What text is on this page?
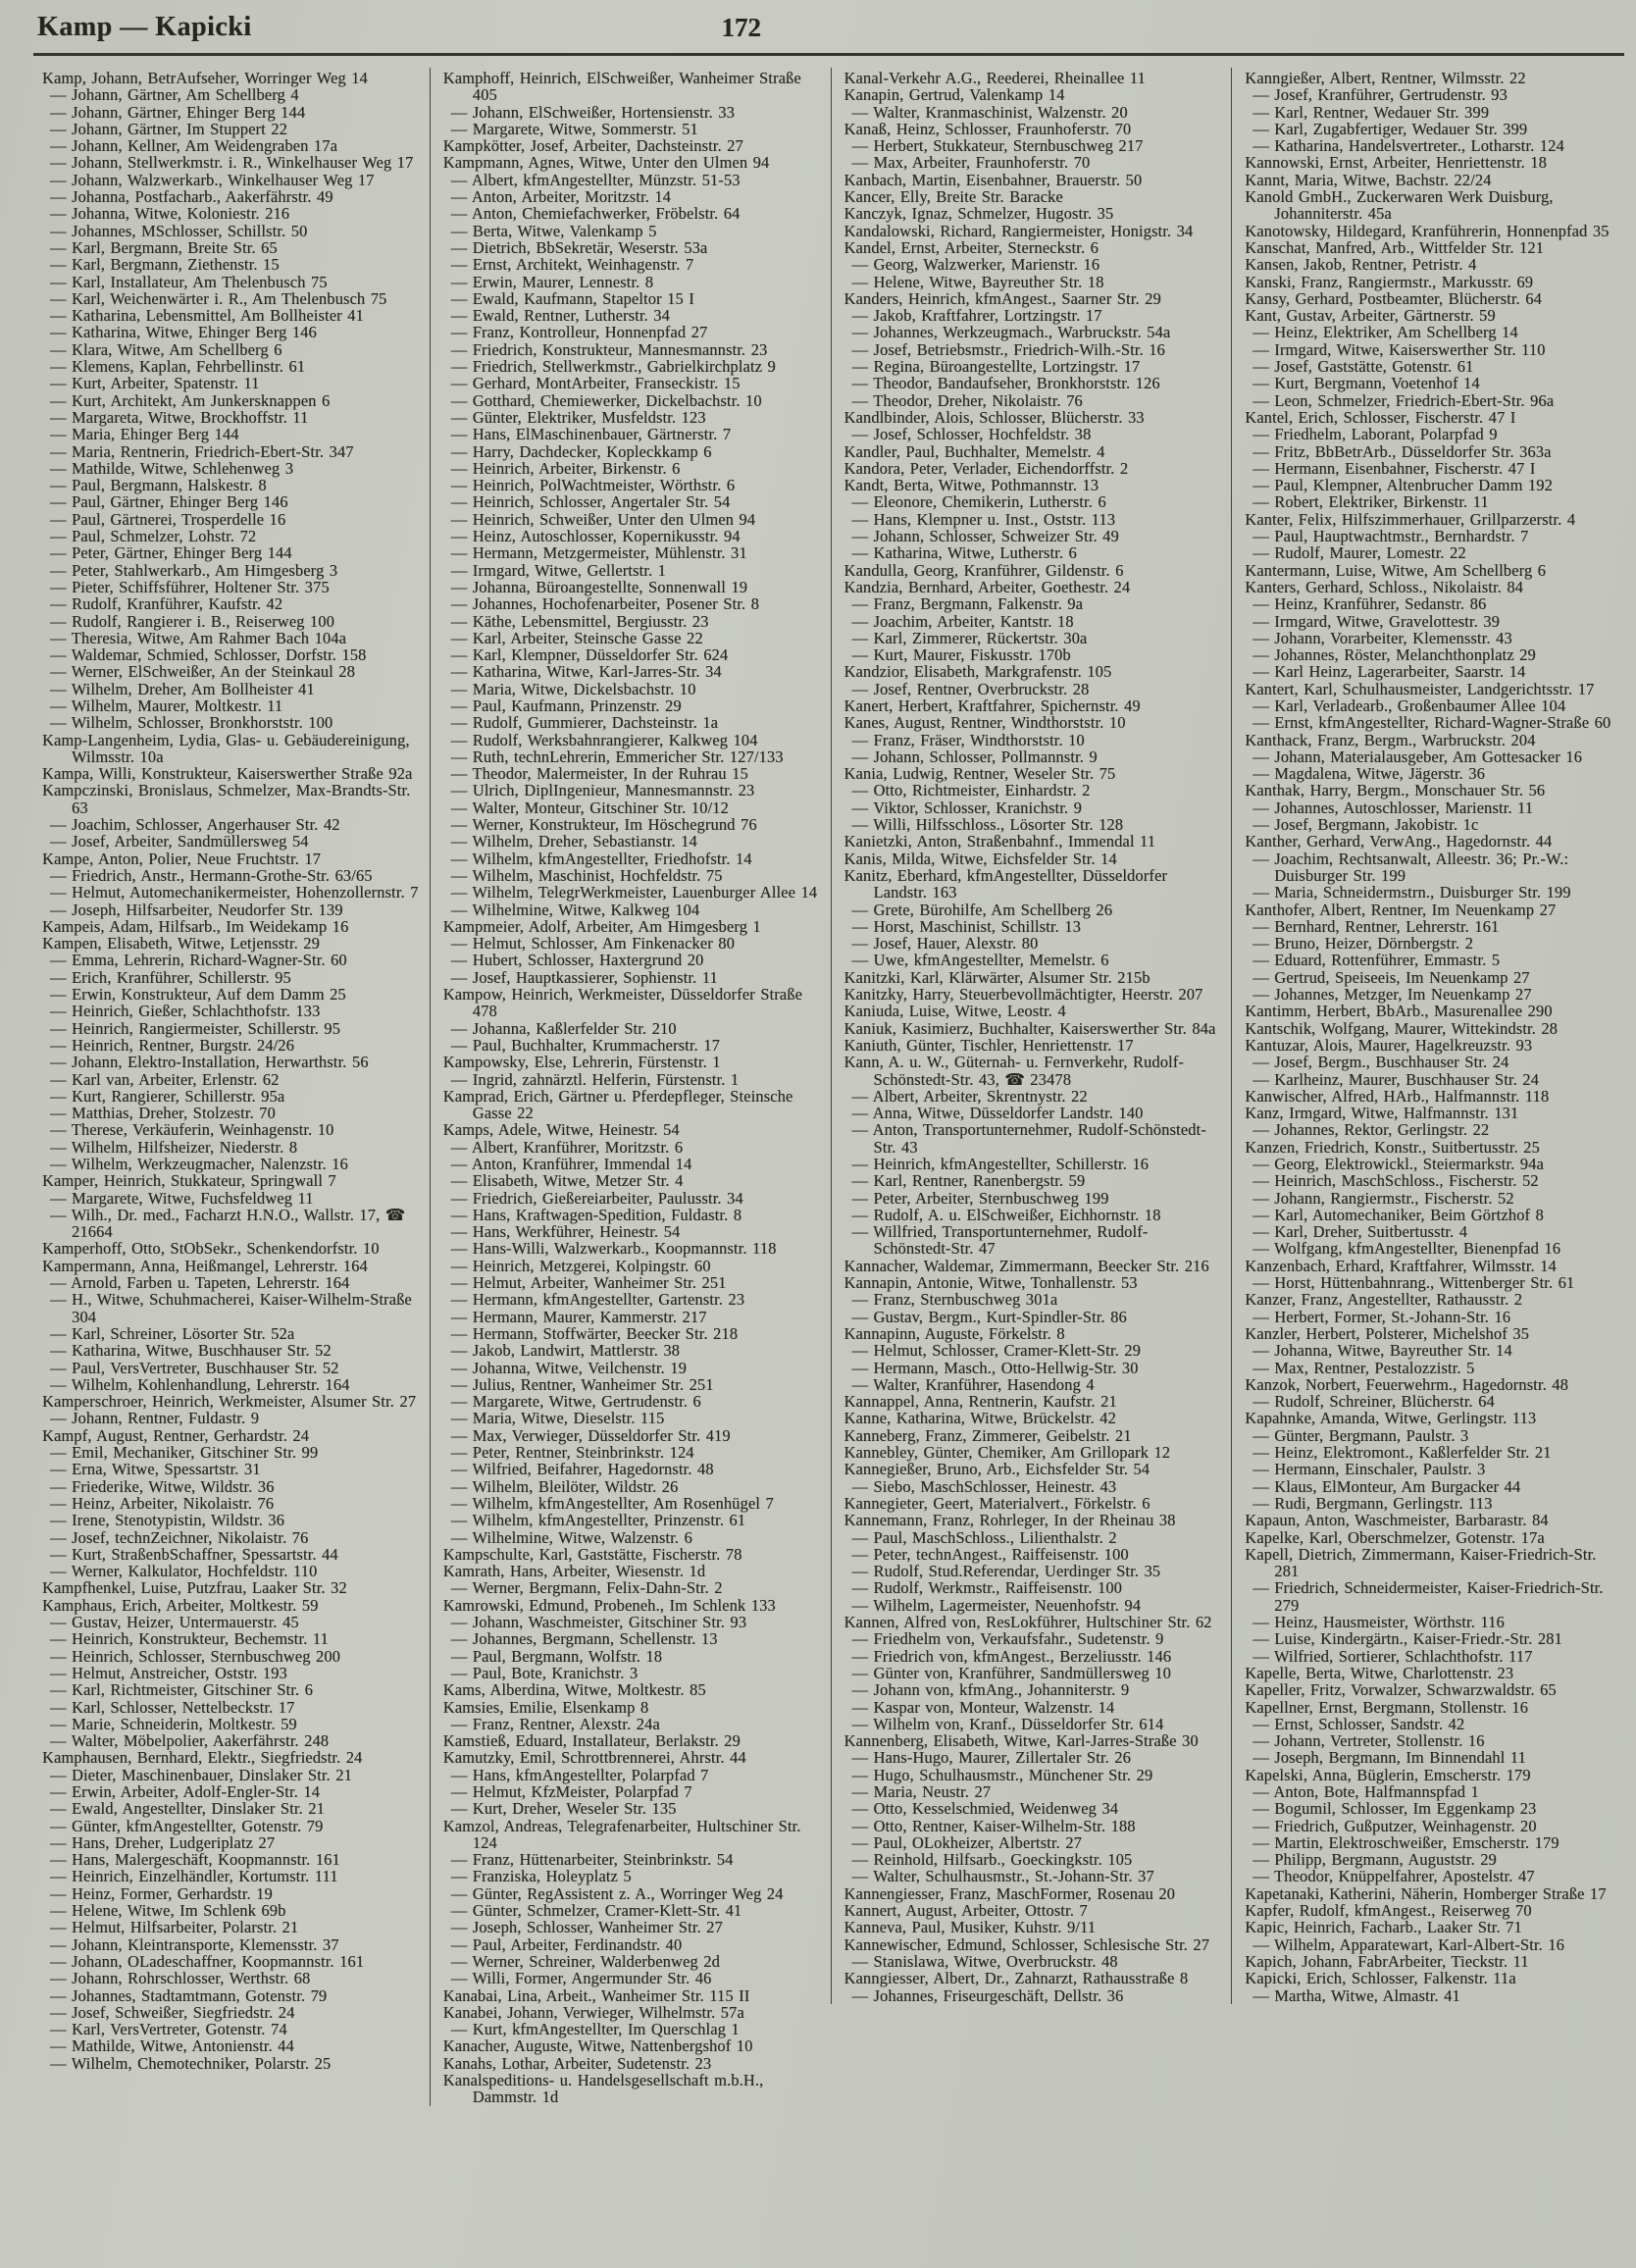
Kamp — Kapicki	172

Kamp, Johann, BetrAufseher, Worringer Weg 14

— Johann, Gärtner, Am Schellberg 4

— Johann, Gärtner, Ehinger Berg 144

— Johann, Gärtner, Im Stuppert 22

— Johann, Kellner, Am Weidengraben 17a

— Johann, Stellwerkmstr. i. R., Winkelhauser Weg 17

— Johann, Walzwerkarb., Winkelhauser Weg 17

— Johanna, Postfacharb., Aakerfährstr. 49

— Johanna, Witwe, Koloniestr. 216

— Johannes, MSchlosser, Schillstr. 50

— Karl, Bergmann, Breite Str. 65

— Karl, Bergmann, Ziethenstr. 15

— Karl, Installateur, Am Thelenbusch 75

— Karl, Weichenwärter i. R., Am Thelenbusch 75

— Katharina, Lebensmittel, Am Bollheister 41

— Katharina, Witwe, Ehinger Berg 146

— Klara, Witwe, Am Schellberg 6

— Klemens, Kaplan, Fehrbellinstr. 61

— Kurt, Arbeiter, Spatenstr. 11

— Kurt, Architekt, Am Junkersknappen 6

— Margareta, Witwe, Brockhoffstr. 11

— Maria, Ehinger Berg 144

— Maria, Rentnerin, Friedrich-Ebert-Str. 347

— Mathilde, Witwe, Schlehenweg 3

— Paul, Bergmann, Halskestr. 8

— Paul, Gärtner, Ehinger Berg 146

— Paul, Gärtnerei, Trosperdelle 16

— Paul, Schmelzer, Lohstr. 72

— Peter, Gärtner, Ehinger Berg 144

— Peter, Stahlwerkarb., Am Himgesberg 3

— Pieter, Schiffsführer, Holtener Str. 375

— Rudolf, Kranführer, Kaufstr. 42

— Rudolf, Rangierer i. B., Reiserweg 100

— Theresia, Witwe, Am Rahmer Bach 104a

— Waldemar, Schmied, Schlosser, Dorfstr. 158

— Werner, ElSchweißer, An der Steinkaul 28

— Wilhelm, Dreher, Am Bollheister 41

— Wilhelm, Maurer, Moltkestr. 11

— Wilhelm, Schlosser, Bronkhorststr. 100

Kamp-Langenheim, Lydia, Glas- u. Gebäudereinigung, Wilmsstr. 10a

Kampa, Willi, Konstrukteur, Kaiserswerther Straße 92a

Kampczinski, Bronislaus, Schmelzer, Max-Brandts-Str. 63

— Joachim, Schlosser, Angerhauser Str. 42

— Josef, Arbeiter, Sandmüllersweg 54

Kampe, Anton, Polier, Neue Fruchtstr. 17

— Friedrich, Anstr., Hermann-Grothe-Str. 63/65

— Helmut, Automechanikermeister, Hohenzollernstr. 7

— Joseph, Hilfsarbeiter, Neudorfer Str. 139

Kampeis, Adam, Hilfsarb., Im Weidekamp 16

Kampen, Elisabeth, Witwe, Letjensstr. 29

— Emma, Lehrerin, Richard-Wagner-Str. 60

— Erich, Kranführer, Schillerstr. 95

— Erwin, Konstrukteur, Auf dem Damm 25

— Heinrich, Gießer, Schlachthofstr. 133

— Heinrich, Rangiermeister, Schillerstr. 95

— Heinrich, Rentner, Burgstr. 24/26

— Johann, Elektro-Installation, Herwarthstr. 56

— Karl van, Arbeiter, Erlenstr. 62

— Kurt, Rangierer, Schillerstr. 95a

— Matthias, Dreher, Stolzestr. 70

— Therese, Verkäuferin, Weinhagenstr. 10

— Wilhelm, Hilfsheizer, Niederstr. 8

— Wilhelm, Werkzeugmacher, Nalenzstr. 16

Kamper, Heinrich, Stukkateur, Springwall 7

— Margarete, Witwe, Fuchsfeldweg 11

— Wilh., Dr. med., Facharzt H.N.O., Wallstr. 17, ☎ 21664

Kamperhoff, Otto, StObSekr., Schenkendorfstr. 10

Kampermann, Anna, Heißmangel, Lehrerstr. 164

— Arnold, Farben u. Tapeten, Lehrerstr. 164

— H., Witwe, Schuhmacherei, Kaiser-Wilhelm-Straße 304

— Karl, Schreiner, Lösorter Str. 52a

— Katharina, Witwe, Buschhauser Str. 52

— Paul, VersVertreter, Buschhauser Str. 52

— Wilhelm, Kohlenhandlung, Lehrerstr. 164

Kamperschroer, Heinrich, Werkmeister, Alsumer Str. 27

— Johann, Rentner, Fuldastr. 9

Kampf, August, Rentner, Gerhardstr. 24

— Emil, Mechaniker, Gitschiner Str. 99

— Erna, Witwe, Spessartstr. 31

— Friederike, Witwe, Wildstr. 36

— Heinz, Arbeiter, Nikolaistr. 76

— Irene, Stenotypistin, Wildstr. 36

— Josef, technZeichner, Nikolaistr. 76

— Kurt, StraßenbSchaffner, Spessartstr. 44

— Werner, Kalkulator, Hochfeldstr. 110

Kampfhenkel, Luise, Putzfrau, Laaker Str. 32

Kamphaus, Erich, Arbeiter, Moltkestr. 59

— Gustav, Heizer, Untermauerstr. 45

— Heinrich, Konstrukteur, Bechemstr. 11

— Heinrich, Schlosser, Sternbuschweg 200

— Helmut, Anstreicher, Oststr. 193

— Karl, Richtmeister, Gitschiner Str. 6

— Karl, Schlosser, Nettelbeckstr. 17

— Marie, Schneiderin, Moltkestr. 59

— Walter, Möbelpolier, Aakerfährstr. 248

Kamphausen, Bernhard, Elektr., Siegfriedstr. 24

— Dieter, Maschinenbauer, Dinslaker Str. 21

— Erwin, Arbeiter, Adolf-Engler-Str. 14

— Ewald, Angestellter, Dinslaker Str. 21

— Günter, kfmAngestellter, Gotenstr. 79

— Hans, Dreher, Ludgeriplatz 27

— Hans, Malergeschäft, Koopmannstr. 161

— Heinrich, Einzelhändler, Kortumstr. 111

— Heinz, Former, Gerhardstr. 19

— Helene, Witwe, Im Schlenk 69b

— Helmut, Hilfsarbeiter, Polarstr. 21

— Johann, Kleintransporte, Klemensstr. 37

— Johann, OLadeschaffner, Koopmannstr. 161

— Johann, Rohrschlosser, Werthstr. 68

— Johannes, Stadtamtmann, Gotenstr. 79

— Josef, Schweißer, Siegfriedstr. 24

— Karl, VersVertreter, Gotenstr. 74

— Mathilde, Witwe, Antonienstr. 44

— Wilhelm, Chemotechniker, Polarstr. 25

Kamphoff, Heinrich, ElSchweißer, Wanheimer Straße 405

— Johann, ElSchweißer, Hortensienstr. 33

— Margarete, Witwe, Sommerstr. 51

Kampkötter, Josef, Arbeiter, Dachsteinstr. 27

Kampmann, Agnes, Witwe, Unter den Ulmen 94

— Albert, kfmAngestellter, Münzstr. 51-53

— Anton, Arbeiter, Moritzstr. 14

— Anton, Chemiefachwerker, Fröbelstr. 64

— Berta, Witwe, Valenkamp 5

— Dietrich, BbSekretär, Weserstr. 53a

— Ernst, Architekt, Weinhagenstr. 7

— Erwin, Maurer, Lennestr. 8

— Ewald, Kaufmann, Stapeltor 15 I

— Ewald, Rentner, Lutherstr. 34

— Franz, Kontrolleur, Honnenpfad 27

— Friedrich, Konstrukteur, Mannesmannstr. 23

— Friedrich, Stellwerkmstr., Gabrielkirchplatz 9

— Gerhard, MontArbeiter, Franseckistr. 15

— Gotthard, Chemiewerker, Dickelbachstr. 10

— Günter, Elektriker, Musfeldstr. 123

— Hans, ElMaschinenbauer, Gärtnerstr. 7

— Harry, Dachdecker, Kopleckkamp 6

— Heinrich, Arbeiter, Birkenstr. 6

— Heinrich, PolWachtmeister, Wörthstr. 6

— Heinrich, Schlosser, Angertaler Str. 54

— Heinrich, Schweißer, Unter den Ulmen 94

— Heinz, Autoschlosser, Kopernikusstr. 94

— Hermann, Metzgermeister, Mühlenstr. 31

— Irmgard, Witwe, Gellertstr. 1

— Johanna, Büroangestellte, Sonnenwall 19

— Johannes, Hochofenarbeiter, Posener Str. 8

— Käthe, Lebensmittel, Bergiusstr. 23

— Karl, Arbeiter, Steinsche Gasse 22

— Karl, Klempner, Düsseldorfer Str. 624

— Katharina, Witwe, Karl-Jarres-Str. 34

— Maria, Witwe, Dickelsbachstr. 10

— Paul, Kaufmann, Prinzenstr. 29

— Rudolf, Gummierer, Dachsteinstr. 1a

— Rudolf, Werksbahnrangierer, Kalkweg 104

— Ruth, technLehrerin, Emmericher Str. 127/133

— Theodor, Malermeister, In der Ruhrau 15

— Ulrich, DiplIngenieur, Mannesmannstr. 23

— Walter, Monteur, Gitschiner Str. 10/12

— Werner, Konstrukteur, Im Höschegrund 76

— Wilhelm, Dreher, Sebastianstr. 14

— Wilhelm, kfmAngestellter, Friedhofstr. 14

— Wilhelm, Maschinist, Hochfeldstr. 75

— Wilhelm, TelegrWerkmeister, Lauenburger Allee 14

— Wilhelmine, Witwe, Kalkweg 104

Kampmeier, Adolf, Arbeiter, Am Himgesberg 1

— Helmut, Schlosser, Am Finkenacker 80

— Hubert, Schlosser, Haxtergrund 20

— Josef, Hauptkassierer, Sophienstr. 11

Kampow, Heinrich, Werkmeister, Düsseldorfer Straße 478

— Johanna, Kaßlerfelder Str. 210

— Paul, Buchhalter, Krummacherstr. 17

Kampowsky, Else, Lehrerin, Fürstenstr. 1

— Ingrid, zahnärztl. Helferin, Fürstenstr. 1

Kamprad, Erich, Gärtner u. Pferdepfleger, Steinsche Gasse 22

Kamps, Adele, Witwe, Heinestr. 54

— Albert, Kranführer, Moritzstr. 6

— Anton, Kranführer, Immendal 14

— Elisabeth, Witwe, Metzer Str. 4

— Friedrich, Gießereiarbeiter, Paulusstr. 34

— Hans, Kraftwagen-Spedition, Fuldastr. 8

— Hans, Werkführer, Heinestr. 54

— Hans-Willi, Walzwerkarb., Koopmannstr. 118

— Heinrich, Metzgerei, Kolpingstr. 60

— Helmut, Arbeiter, Wanheimer Str. 251

— Hermann, kfmAngestellter, Gartenstr. 23

— Hermann, Maurer, Kammerstr. 217

— Hermann, Stoffwärter, Beecker Str. 218

— Jakob, Landwirt, Mattlerstr. 38

— Johanna, Witwe, Veilchenstr. 19

— Julius, Rentner, Wanheimer Str. 251

— Margarete, Witwe, Gertrudenstr. 6

— Maria, Witwe, Dieselstr. 115

— Max, Verwieger, Düsseldorfer Str. 419

— Peter, Rentner, Steinbrinkstr. 124

— Wilfried, Beifahrer, Hagedornstr. 48

— Wilhelm, Bleilöter, Wildstr. 26

— Wilhelm, kfmAngestellter, Am Rosenhügel 7

— Wilhelm, kfmAngestellter, Prinzenstr. 61

— Wilhelmine, Witwe, Walzenstr. 6

Kampschulte, Karl, Gaststätte, Fischerstr. 78

Kamrath, Hans, Arbeiter, Wiesenstr. 1d

— Werner, Bergmann, Felix-Dahn-Str. 2

Kamrowski, Edmund, Probeneh., Im Schlenk 133

— Johann, Waschmeister, Gitschiner Str. 93

— Johannes, Bergmann, Schellenstr. 13

— Paul, Bergmann, Wolfstr. 18

— Paul, Bote, Kranichstr. 3

Kams, Alberdina, Witwe, Moltkestr. 85

Kamsies, Emilie, Elsenkamp 8

— Franz, Rentner, Alexstr. 24a

Kamstieß, Eduard, Installateur, Berlakstr. 29

Kamutzky, Emil, Schrottbrennerei, Ahrstr. 44

— Hans, kfmAngestellter, Polarpfad 7

— Helmut, KfzMeister, Polarpfad 7

— Kurt, Dreher, Weseler Str. 135

Kamzol, Andreas, Telegrafenarbeiter, Hultschiner Str. 124

— Franz, Hüttenarbeiter, Steinbrinkstr. 54

— Franziska, Holeyplatz 5

— Günter, RegAssistent z. A., Worringer Weg 24

— Günter, Schmelzer, Cramer-Klett-Str. 41

— Joseph, Schlosser, Wanheimer Str. 27

— Paul, Arbeiter, Ferdinandstr. 40

— Werner, Schreiner, Walderbenweg 2d

— Willi, Former, Angermunder Str. 46

Kanabai, Lina, Arbeit., Wanheimer Str. 115 II

Kanabei, Johann, Verwieger, Wilhelmstr. 57a

— Kurt, kfmAngestellter, Im Querschlag 1

Kanacher, Auguste, Witwe, Nattenbergshof 10

Kanahs, Lothar, Arbeiter, Sudetenstr. 23

Kanalspeditions- u. Handelsgesellschaft m.b.H., Dammstr. 1d

Kanal-Verkehr A.G., Reederei, Rheinallee 11

Kanapin, Gertrud, Valenkamp 14

— Walter, Kranmaschinist, Walzenstr. 20

Kanaß, Heinz, Schlosser, Fraunhoferstr. 70

— Herbert, Stukkateur, Sternbuschweg 217

— Max, Arbeiter, Fraunhoferstr. 70

Kanbach, Martin, Eisenbahner, Brauerstr. 50

Kancer, Elly, Breite Str. Baracke

Kanczyk, Ignaz, Schmelzer, Hugostr. 35

Kandalowski, Richard, Rangiermeister, Honigstr. 34

Kandel, Ernst, Arbeiter, Sterneckstr. 6

— Georg, Walzwerker, Marienstr. 16

— Helene, Witwe, Bayreuther Str. 18

Kanders, Heinrich, kfmAngest., Saarner Str. 29

— Jakob, Kraftfahrer, Lortzingstr. 17

— Johannes, Werkzeugmach., Warbruckstr. 54a

— Josef, Betriebsmstr., Friedrich-Wilh.-Str. 16

— Regina, Büroangestellte, Lortzingstr. 17

— Theodor, Bandaufseher, Bronkhorststr. 126

— Theodor, Dreher, Nikolaistr. 76

Kandlbinder, Alois, Schlosser, Blücherstr. 33

— Josef, Schlosser, Hochfeldstr. 38

Kandler, Paul, Buchhalter, Memelstr. 4

Kandora, Peter, Verlader, Eichendorffstr. 2

Kandt, Berta, Witwe, Pothmannstr. 13

— Eleonore, Chemikerin, Lutherstr. 6

— Hans, Klempner u. Inst., Oststr. 113

— Johann, Schlosser, Schweizer Str. 49

— Katharina, Witwe, Lutherstr. 6

Kandulla, Georg, Kranführer, Gildenstr. 6

Kandzia, Bernhard, Arbeiter, Goethestr. 24

— Franz, Bergmann, Falkenstr. 9a

— Joachim, Arbeiter, Kantstr. 18

— Karl, Zimmerer, Rückertstr. 30a

— Kurt, Maurer, Fiskusstr. 170b

Kandzior, Elisabeth, Markgrafenstr. 105

— Josef, Rentner, Overbruckstr. 28

Kanert, Herbert, Kraftfahrer, Spichernstr. 49

Kanes, August, Rentner, Windthorststr. 10

— Franz, Fräser, Windthorststr. 10

— Johann, Schlosser, Pollmannstr. 9

Kania, Ludwig, Rentner, Weseler Str. 75

— Otto, Richtmeister, Einhardstr. 2

— Viktor, Schlosser, Kranichstr. 9

— Willi, Hilfsschloss., Lösorter Str. 128

Kanietzki, Anton, Straßenbahnf., Immendal 11

Kanis, Milda, Witwe, Eichsfelder Str. 14

Kanitz, Eberhard, kfmAngestellter, Düsseldorfer Landstr. 163

— Grete, Bürohilfe, Am Schellberg 26

— Horst, Maschinist, Schillstr. 13

— Josef, Hauer, Alexstr. 80

— Uwe, kfmAngestellter, Memelstr. 6

Kanitzki, Karl, Klärwärter, Alsumer Str. 215b

Kanitzky, Harry, Steuerbevollmächtigter, Heerstr. 207

Kaniuda, Luise, Witwe, Leostr. 4

Kaniuk, Kasimierz, Buchhalter, Kaiserswerther Str. 84a

Kaniuth, Günter, Tischler, Henriettenstr. 17

Kann, A. u. W., Güternah- u. Fernverkehr, Rudolf-Schönstedt-Str. 43, ☎ 23478

— Albert, Arbeiter, Skrentnystr. 22

— Anna, Witwe, Düsseldorfer Landstr. 140

— Anton, Transportunternehmer, Rudolf-Schönstedt-Str. 43

— Heinrich, kfmAngestellter, Schillerstr. 16

— Karl, Rentner, Ranenbergstr. 59

— Peter, Arbeiter, Sternbuschweg 199

— Rudolf, A. u. ElSchweißer, Eichhornstr. 18

— Willfried, Transportunternehmer, Rudolf-Schönstedt-Str. 47

Kannacher, Waldemar, Zimmermann, Beecker Str. 216

Kannapin, Antonie, Witwe, Tonhallenstr. 53

— Franz, Sternbuschweg 301a

— Gustav, Bergm., Kurt-Spindler-Str. 86

Kannapinn, Auguste, Förkelstr. 8

— Helmut, Schlosser, Cramer-Klett-Str. 29

— Hermann, Masch., Otto-Hellwig-Str. 30

— Walter, Kranführer, Hasendong 4

Kannappel, Anna, Rentnerin, Kaufstr. 21

Kanne, Katharina, Witwe, Brückelstr. 42

Kanneberg, Franz, Zimmerer, Geibelstr. 21

Kannebley, Günter, Chemiker, Am Grillopark 12

Kannegießer, Bruno, Arb., Eichsfelder Str. 54

— Siebo, MaschSchlosser, Heinestr. 43

Kannegieter, Geert, Materialvert., Förkelstr. 6

Kannemann, Franz, Rohrleger, In der Rheinau 38

— Paul, MaschSchloss., Lilienthalstr. 2

— Peter, technAngest., Raiffeisenstr. 100

— Rudolf, Stud.Referendar, Uerdinger Str. 35

— Rudolf, Werkmstr., Raiffeisenstr. 100

— Wilhelm, Lagermeister, Neuenhofstr. 94

Kannen, Alfred von, ResLokführer, Hultschiner Str. 62

— Friedhelm von, Verkaufsfahr., Sudetenstr. 9

— Friedrich von, kfmAngest., Berzeliusstr. 146

— Günter von, Kranführer, Sandmüllersweg 10

— Johann von, kfmAng., Johanniterstr. 9

— Kaspar von, Monteur, Walzenstr. 14

— Wilhelm von, Kranf., Düsseldorfer Str. 614

Kannenberg, Elisabeth, Witwe, Karl-Jarres-Straße 30

— Hans-Hugo, Maurer, Zillertaler Str. 26

— Hugo, Schulhausmstr., Münchener Str. 29

— Maria, Neustr. 27

— Otto, Kesselschmied, Weidenweg 34

— Otto, Rentner, Kaiser-Wilhelm-Str. 188

— Paul, OLokheizer, Albertstr. 27

— Reinhold, Hilfsarb., Goeckingkstr. 105

— Walter, Schulhausmstr., St.-Johann-Str. 37

Kannengiesser, Franz, MaschFormer, Rosenau 20

Kannert, August, Arbeiter, Ottostr. 7

Kanneva, Paul, Musiker, Kuhstr. 9/11

Kannewischer, Edmund, Schlosser, Schlesische Str. 27

— Stanislawa, Witwe, Overbruckstr. 48

Kanngiesser, Albert, Dr., Zahnarzt, Rathausstraße 8

— Johannes, Friseurgeschäft, Dellstr. 36

Kanngießer, Albert, Rentner, Wilmsstr. 22

— Josef, Kranführer, Gertrudenstr. 93

— Karl, Rentner, Wedauer Str. 399

— Karl, Zugabfertiger, Wedauer Str. 399

— Katharina, Handelsvertreter., Lotharstr. 124

Kannowski, Ernst, Arbeiter, Henriettenstr. 18

Kannt, Maria, Witwe, Bachstr. 22/24

Kanold GmbH., Zuckerwaren Werk Duisburg, Johanniterstr. 45a

Kanotowsky, Hildegard, Kranführerin, Honnenpfad 35

Kanschat, Manfred, Arb., Wittfelder Str. 121

Kansen, Jakob, Rentner, Petristr. 4

Kanski, Franz, Rangiermstr., Markusstr. 69

Kansy, Gerhard, Postbeamter, Blücherstr. 64

Kant, Gustav, Arbeiter, Gärtnerstr. 59

— Heinz, Elektriker, Am Schellberg 14

— Irmgard, Witwe, Kaiserswerther Str. 110

— Josef, Gaststätte, Gotenstr. 61

— Kurt, Bergmann, Voetenhof 14

— Leon, Schmelzer, Friedrich-Ebert-Str. 96a

Kantel, Erich, Schlosser, Fischerstr. 47 I

— Friedhelm, Laborant, Polarpfad 9

— Fritz, BbBetrArb., Düsseldorfer Str. 363a

— Hermann, Eisenbahner, Fischerstr. 47 I

— Paul, Klempner, Altenbrucher Damm 192

— Robert, Elektriker, Birkenstr. 11

Kanter, Felix, Hilfszimmerhauer, Grillparzerstr. 4

— Paul, Hauptwachtmstr., Bernhardstr. 7

— Rudolf, Maurer, Lomestr. 22

Kantermann, Luise, Witwe, Am Schellberg 6

Kanters, Gerhard, Schloss., Nikolaistr. 84

— Heinz, Kranführer, Sedanstr. 86

— Irmgard, Witwe, Gravelottestr. 39

— Johann, Vorarbeiter, Klemensstr. 43

— Johannes, Röster, Melanchthonplatz 29

— Karl Heinz, Lagerarbeiter, Saarstr. 14

Kantert, Karl, Schulhausmeister, Landgerichtsstr. 17

— Karl, Verladearb., Großenbaumer Allee 104

— Ernst, kfmAngestellter, Richard-Wagner-Straße 60

Kanthack, Franz, Bergm., Warbruckstr. 204

— Johann, Materialausgeber, Am Gottesacker 16

— Magdalena, Witwe, Jägerstr. 36

Kanthak, Harry, Bergm., Monschauer Str. 56

— Johannes, Autoschlosser, Marienstr. 11

— Josef, Bergmann, Jakobistr. 1c

Kanther, Gerhard, VerwAng., Hagedornstr. 44

— Joachim, Rechtsanwalt, Alleestr. 36; Pr.-W.: Duisburger Str. 199

— Maria, Schneidermstrn., Duisburger Str. 199

Kanthofer, Albert, Rentner, Im Neuenkamp 27

— Bernhard, Rentner, Lehrerstr. 161

— Bruno, Heizer, Dörnbergstr. 2

— Eduard, Rottenführer, Emmastr. 5

— Gertrud, Speiseeis, Im Neuenkamp 27

— Johannes, Metzger, Im Neuenkamp 27

Kantimm, Herbert, BbArb., Masurenallee 290

Kantschik, Wolfgang, Maurer, Wittekindstr. 28

Kantuzar, Alois, Maurer, Hagelkreuzstr. 93

— Josef, Bergm., Buschhauser Str. 24

— Karlheinz, Maurer, Buschhauser Str. 24

Kanwischer, Alfred, HArb., Halfmannstr. 118

Kanz, Irmgard, Witwe, Halfmannstr. 131

— Johannes, Rektor, Gerlingstr. 22

Kanzen, Friedrich, Konstr., Suitbertusstr. 25

— Georg, Elektrowickl., Steiermarkstr. 94a

— Heinrich, MaschSchloss., Fischerstr. 52

— Johann, Rangiermstr., Fischerstr. 52

— Karl, Automechaniker, Beim Görtzhof 8

— Karl, Dreher, Suitbertusstr. 4

— Wolfgang, kfmAngestellter, Bienenpfad 16

Kanzenbach, Erhard, Kraftfahrer, Wilmsstr. 14

— Horst, Hüttenbahnrang., Wittenberger Str. 61

Kanzer, Franz, Angestellter, Rathausstr. 2

— Herbert, Former, St.-Johann-Str. 16

Kanzler, Herbert, Polsterer, Michelshof 35

— Johanna, Witwe, Bayreuther Str. 14

— Max, Rentner, Pestalozzistr. 5

Kanzok, Norbert, Feuerwehrm., Hagedornstr. 48

— Rudolf, Schreiner, Blücherstr. 64

Kapahnke, Amanda, Witwe, Gerlingstr. 113

— Günter, Bergmann, Paulstr. 3

— Heinz, Elektromont., Kaßlerfelder Str. 21

— Hermann, Einschaler, Paulstr. 3

— Klaus, ElMonteur, Am Burgacker 44

— Rudi, Bergmann, Gerlingstr. 113

Kapaun, Anton, Waschmeister, Barbarastr. 84

Kapelke, Karl, Oberschmelzer, Gotenstr. 17a

Kapell, Dietrich, Zimmermann, Kaiser-Friedrich-Str. 281

— Friedrich, Schneidermeister, Kaiser-Friedrich-Str. 279

— Heinz, Hausmeister, Wörthstr. 116

— Luise, Kindergärtn., Kaiser-Friedr.-Str. 281

— Wilfried, Sortierer, Schlachthofstr. 117

Kapelle, Berta, Witwe, Charlottenstr. 23

Kapeller, Fritz, Vorwalzer, Schwarzwaldstr. 65

Kapellner, Ernst, Bergmann, Stollenstr. 16

— Ernst, Schlosser, Sandstr. 42

— Johann, Vertreter, Stollenstr. 16

— Joseph, Bergmann, Im Binnendahl 11

Kapelski, Anna, Büglerin, Emscherstr. 179

— Anton, Bote, Halfmannspfad 1

— Bogumil, Schlosser, Im Eggenkamp 23

— Friedrich, Gußputzer, Weinhagenstr. 20

— Martin, Elektroschweißer, Emscherstr. 179

— Philipp, Bergmann, Auguststr. 29

— Theodor, Knüppelfahrer, Apostelstr. 47

Kapetanaki, Katherini, Näherin, Homberger Straße 17

Kapfer, Rudolf, kfmAngest., Reiserweg 70

Kapic, Heinrich, Facharb., Laaker Str. 71

— Wilhelm, Apparatewart, Karl-Albert-Str. 16

Kapich, Johann, FabrArbeiter, Tieckstr. 11

Kapicki, Erich, Schlosser, Falkenstr. 11a

— Martha, Witwe, Almastr. 41
